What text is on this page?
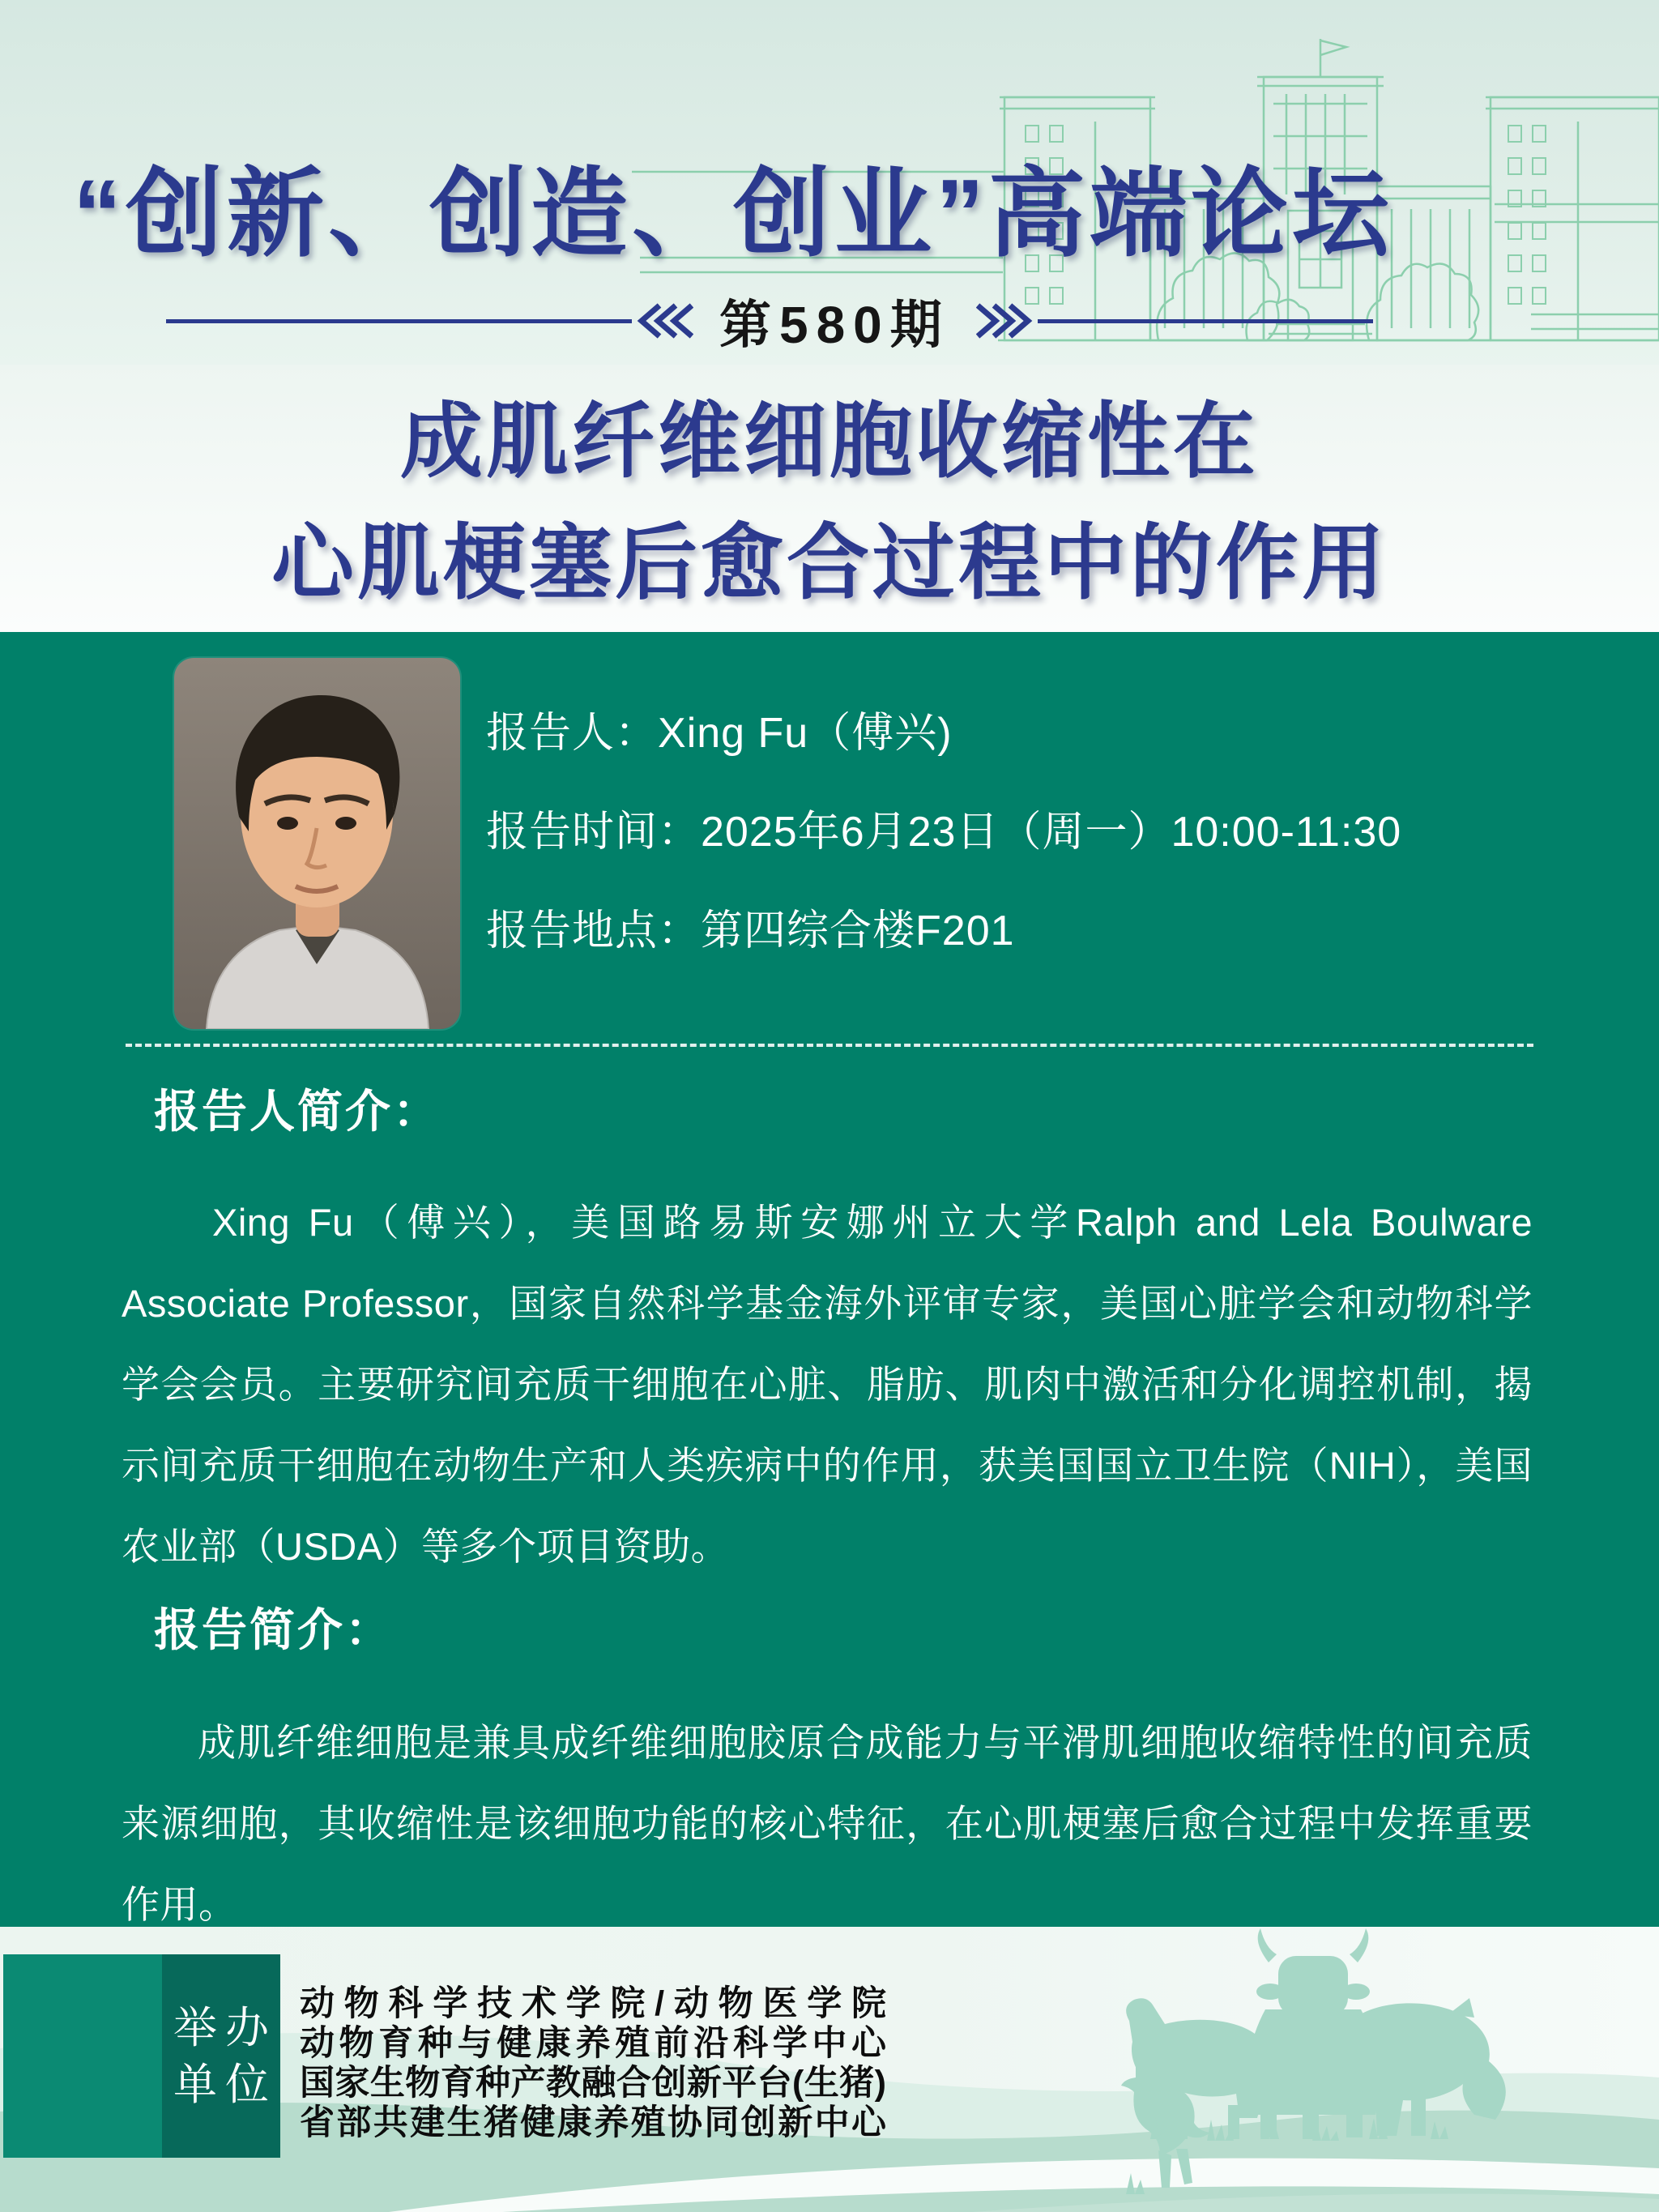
“创新、创造、创业”高端论坛
第580期
成肌纤维细胞收缩性在
心肌梗塞后愈合过程中的作用
报告人：Xing Fu（傅兴)
报告时间：2025年6月23日（周一）10:00-11:30
报告地点：第四综合楼F201
报告人简介：

Xing Fu（傅兴），美国路易斯安娜州立大学Ralph and Lela Boulware Associate Professor，国家自然科学基金海外评审专家，美国心脏学会和动物科学学会会员。主要研究间充质干细胞在心脏、脂肪、肌肉中激活和分化调控机制，揭示间充质干细胞在动物生产和人类疾病中的作用，获美国国立卫生院（NIH），美国农业部（USDA）等多个项目资助。

报告简介：

成肌纤维细胞是兼具成纤维细胞胶原合成能力与平滑肌细胞收缩特性的间充质来源细胞，其收缩性是该细胞功能的核心特征，在心肌梗塞后愈合过程中发挥重要作用。

举办
单位
动物科学技术学院/动物医学院
动物育种与健康养殖前沿科学中心
国家生物育种产教融合创新平台(生猪)
省部共建生猪健康养殖协同创新中心
